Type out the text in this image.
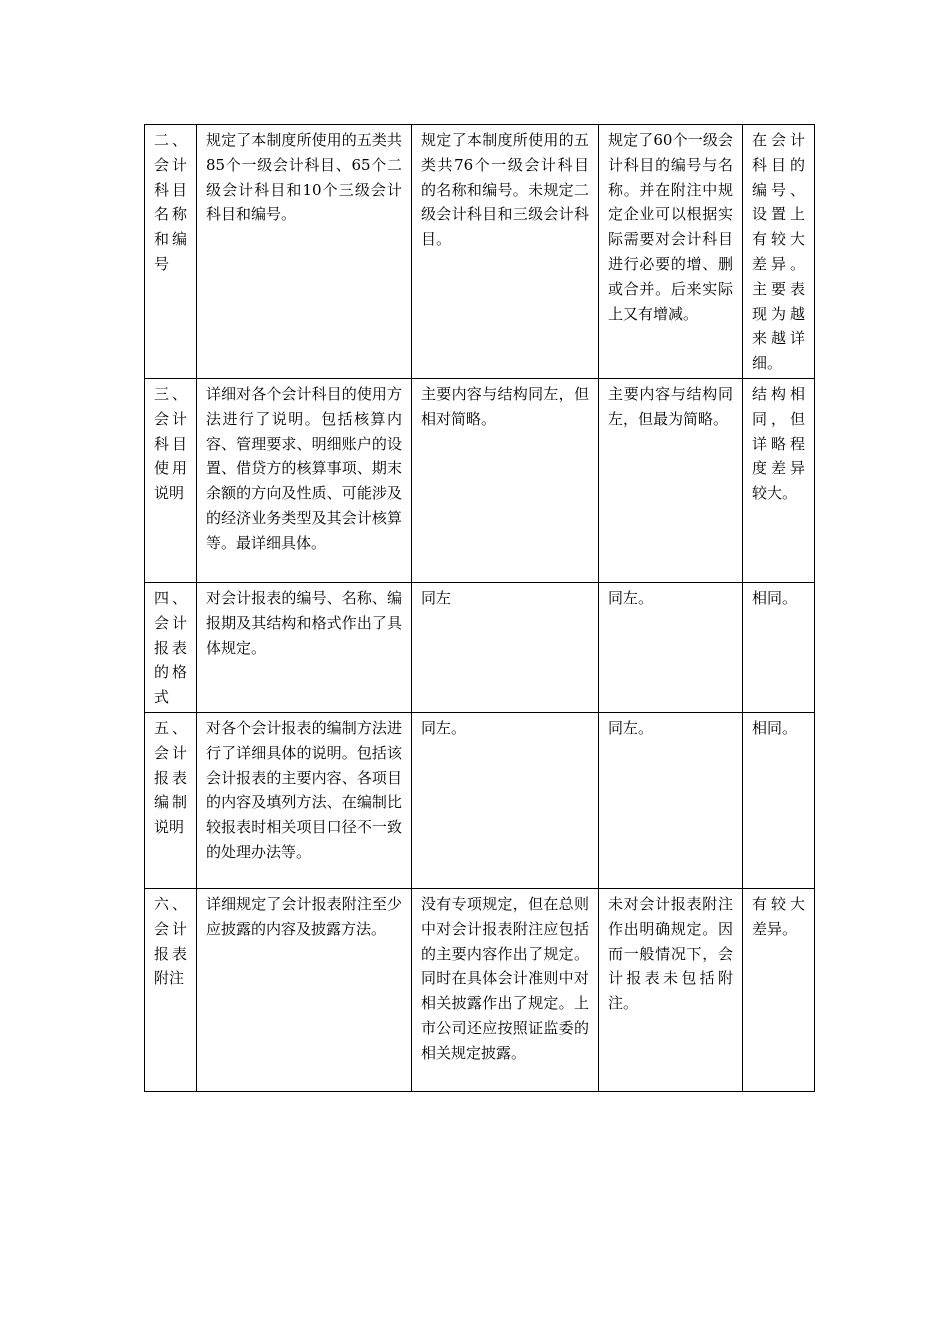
二、会计科目名称和编号	规定了本制度所使用的五类共85个一级会计科目、65个二级会计科目和10个三级会计科目和编号。	规定了本制度所使用的五类共76个一级会计科目的名称和编号。未规定二级会计科目和三级会计科目。	规定了60个一级会计科目的编号与名称。并在附注中规定企业可以根据实际需要对会计科目进行必要的增、删或合并。后来实际上又有增减。	在会计科目的编号、设置上有较大差异。主要表现为越来越详细。
三、会计科目使用说明	详细对各个会计科目的使用方法进行了说明。包括核算内容、管理要求、明细账户的设置、借贷方的核算事项、期末余额的方向及性质、可能涉及的经济业务类型及其会计核算等。最详细具体。	主要内容与结构同左，但相对简略。	主要内容与结构同左，但最为简略。	结构相同，但详略程度差异较大。
四、会计报表的格式	对会计报表的编号、名称、编报期及其结构和格式作出了具体规定。	同左	同左。	相同。
五、会计报表编制说明	对各个会计报表的编制方法进行了详细具体的说明。包括该会计报表的主要内容、各项目的内容及填列方法、在编制比较报表时相关项目口径不一致的处理办法等。	同左。	同左。	相同。
六、会计报表附注	详细规定了会计报表附注至少应披露的内容及披露方法。	没有专项规定，但在总则中对会计报表附注应包括的主要内容作出了规定。同时在具体会计准则中对相关披露作出了规定。上市公司还应按照证监委的相关规定披露。	未对会计报表附注作出明确规定。因而一般情况下，会计报表未包括附注。	有较大差异。
